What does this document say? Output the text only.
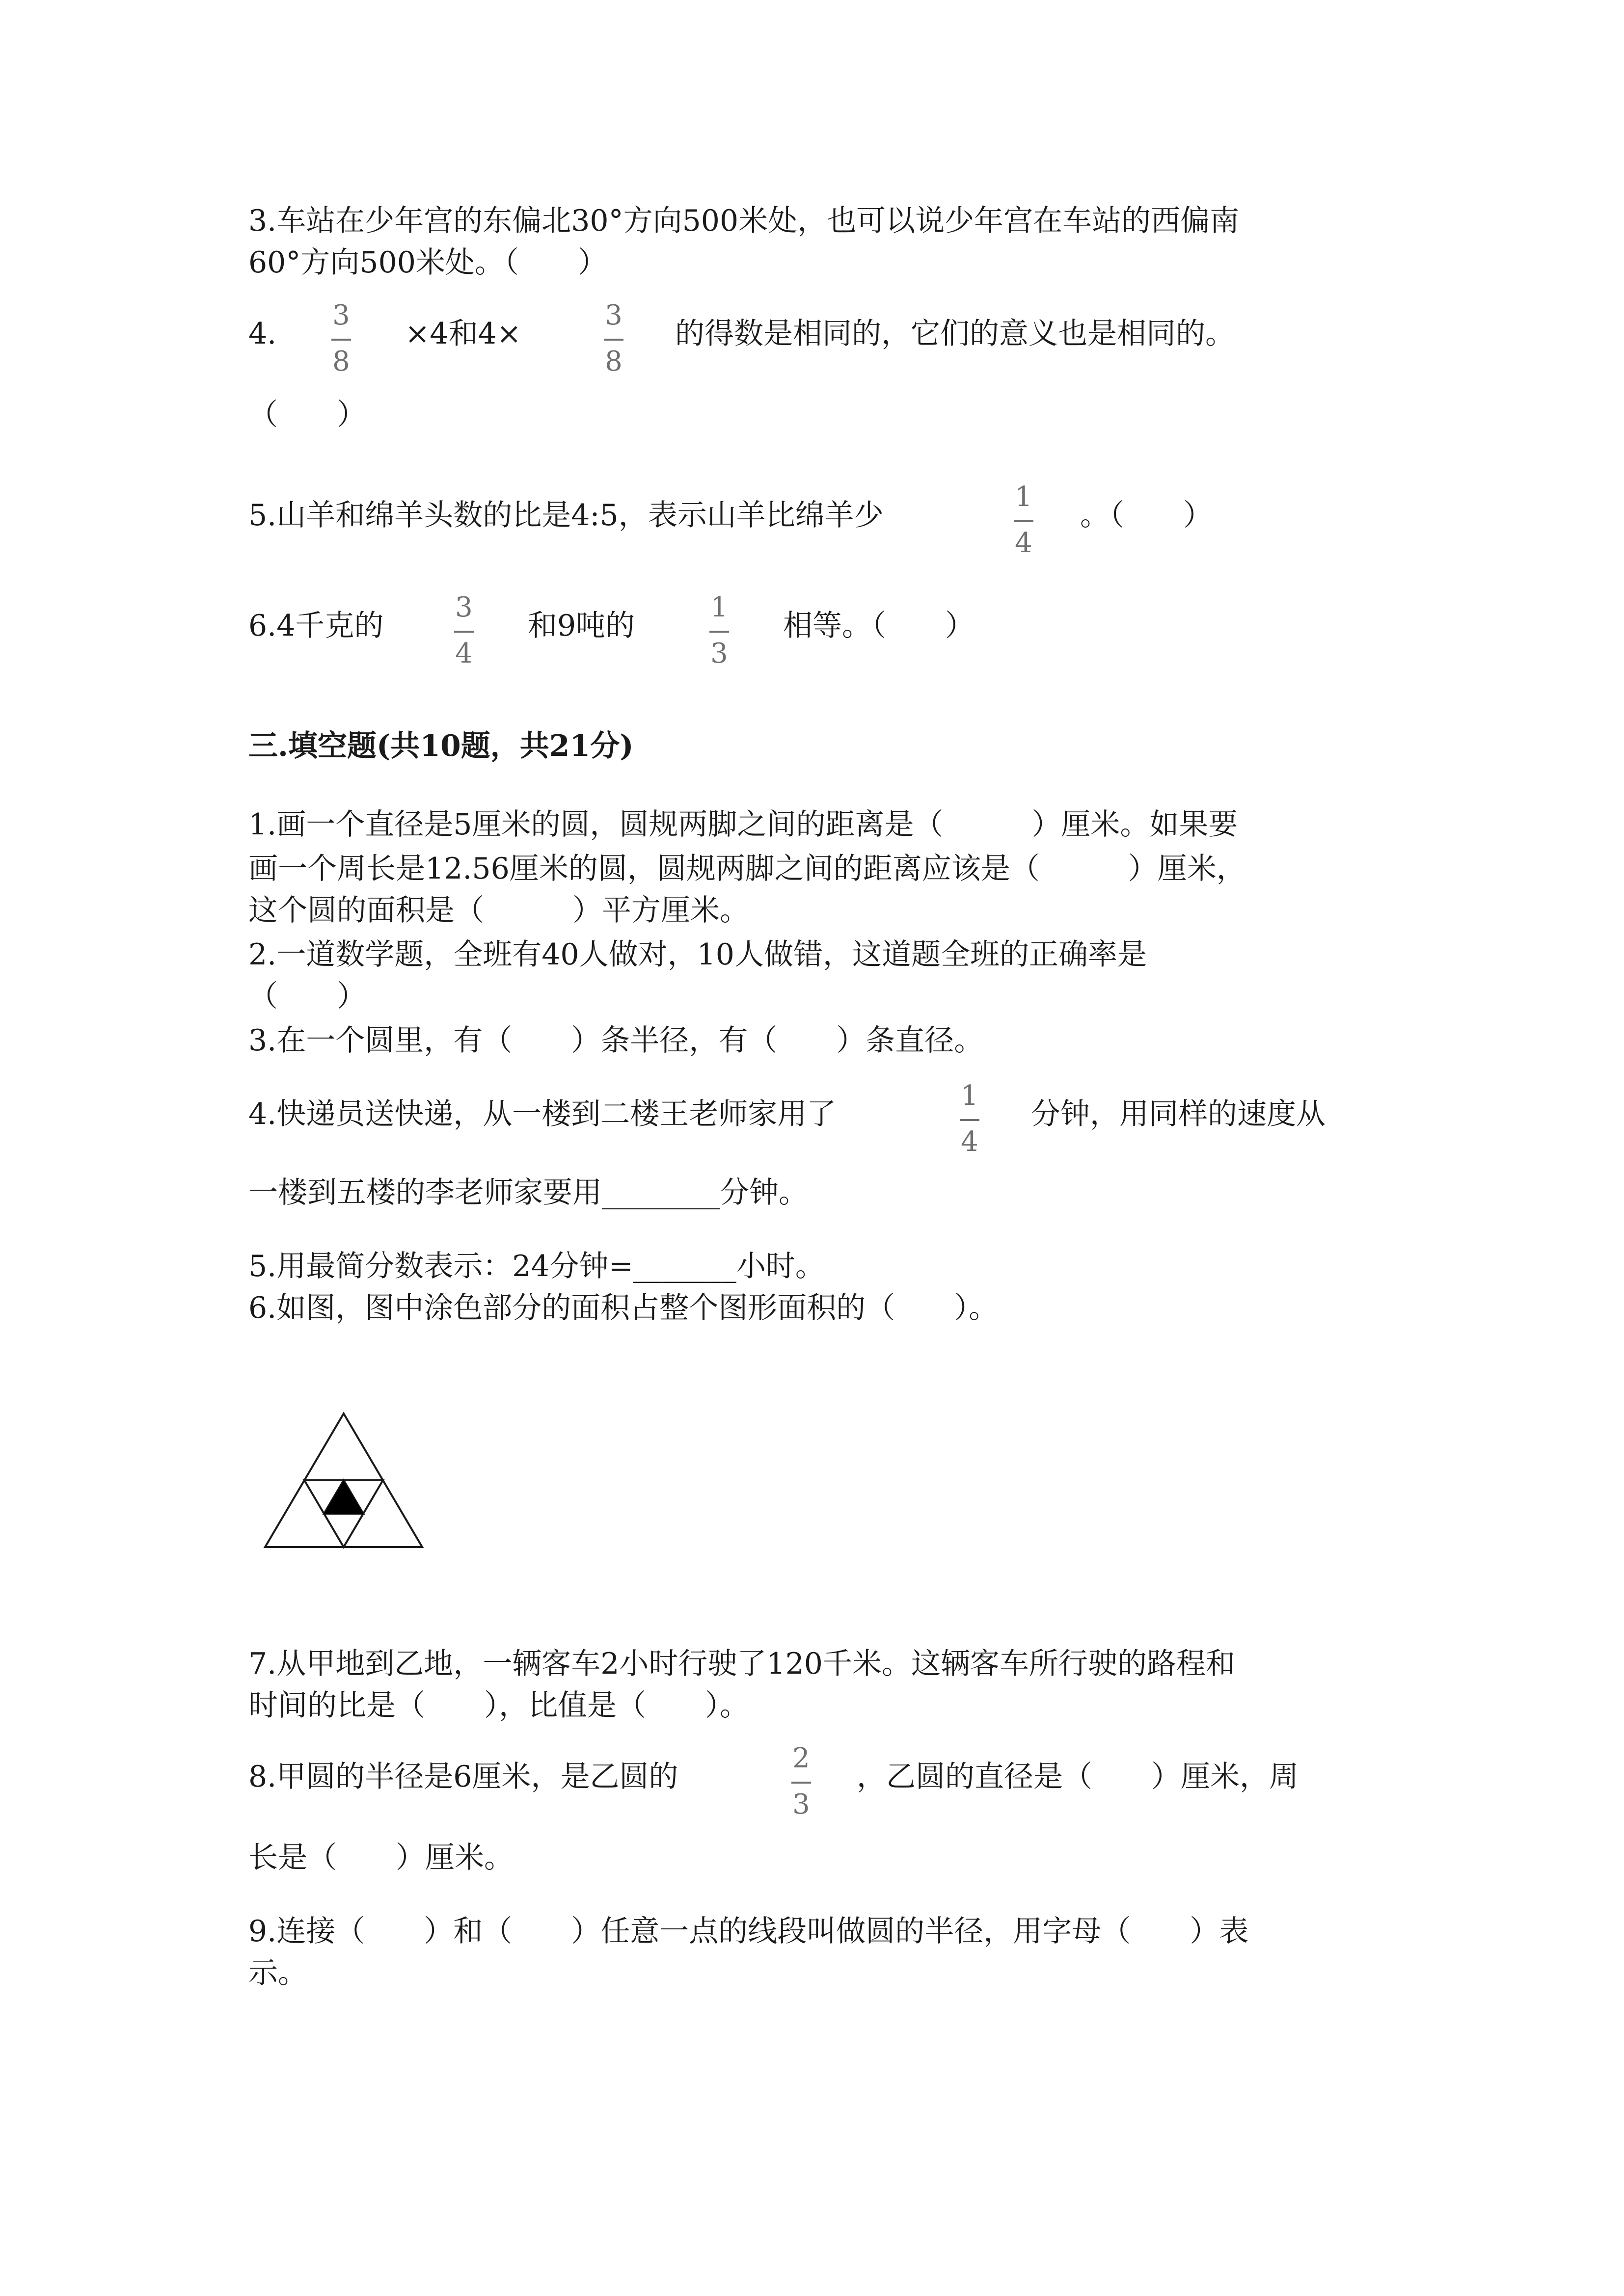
3.车站在少年宫的东偏北30°方向500米处，也可以说少年宫在车站的西偏南
60°方向500米处。（　　）
4.
3
8
×4和4×
3
8
的得数是相同的，它们的意义也是相同的。
（　　）
5.山羊和绵羊头数的比是4:5，表示山羊比绵羊少
1
4
。（　　）
6.4千克的
3
4
和9吨的
1
3
相等。（　　）
三.填空题(共10题，共21分)
1.画一个直径是5厘米的圆，圆规两脚之间的距离是（　　　）厘米。如果要
画一个周长是12.56厘米的圆，圆规两脚之间的距离应该是（　　　）厘米，
这个圆的面积是（　　　）平方厘米。
2.一道数学题，全班有40人做对，10人做错，这道题全班的正确率是
（　　）
3.在一个圆里，有（　　）条半径，有（　　）条直径。
4.快递员送快递，从一楼到二楼王老师家用了
1
4
分钟，用同样的速度从
一楼到五楼的李老师家要用________分钟。
5.用最简分数表示：24分钟=_______小时。
6.如图，图中涂色部分的面积占整个图形面积的（　　）。
7.从甲地到乙地，一辆客车2小时行驶了120千米。这辆客车所行驶的路程和
时间的比是（　　），比值是（　　）。
8.甲圆的半径是6厘米，是乙圆的
2
3
，乙圆的直径是（　　）厘米，周
长是（　　）厘米。
9.连接（　　）和（　　）任意一点的线段叫做圆的半径，用字母（　　）表
示。
